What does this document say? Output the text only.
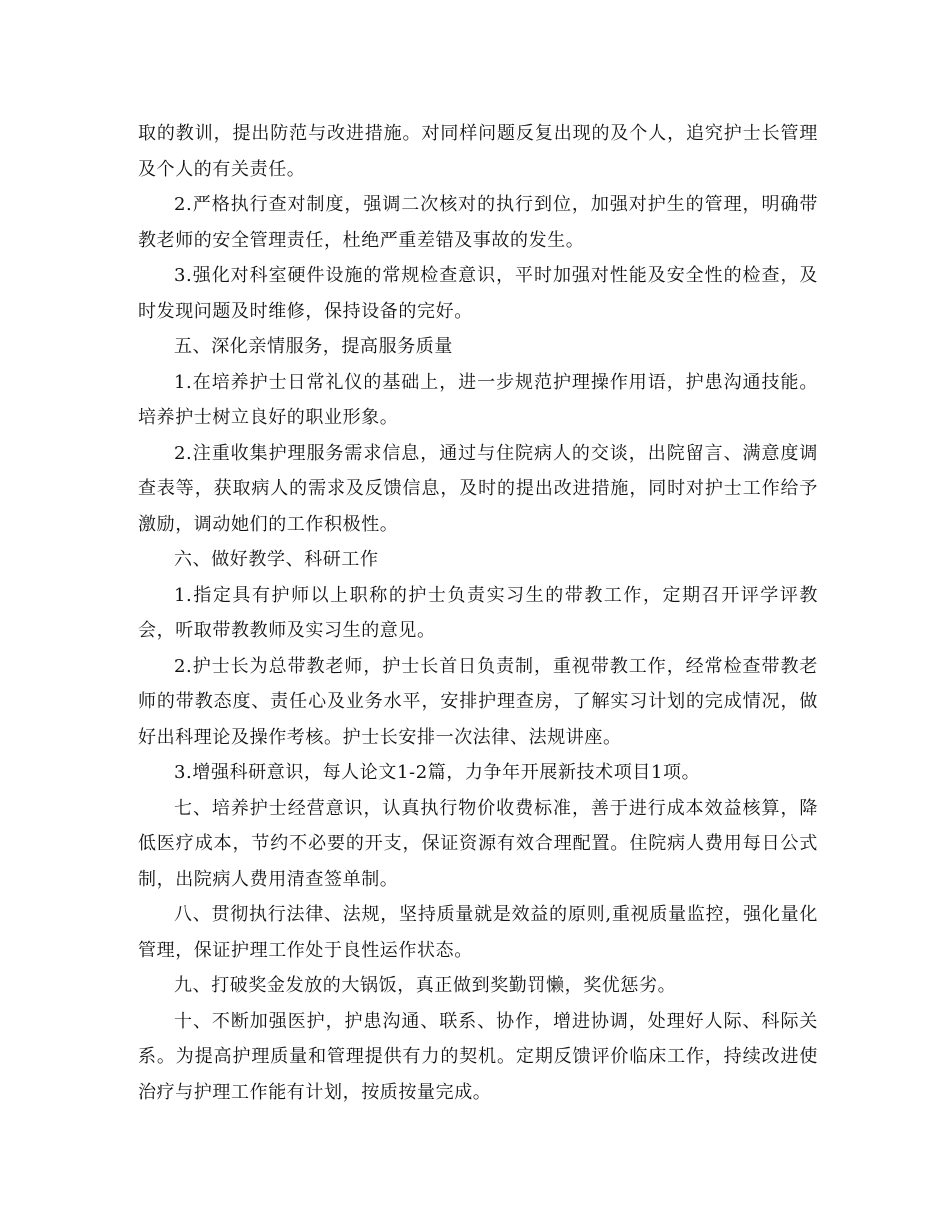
取的教训，提出防范与改进措施。对同样问题反复出现的及个人，追究护士长管理及个人的有关责任。

2.严格执行查对制度，强调二次核对的执行到位，加强对护生的管理，明确带教老师的安全管理责任，杜绝严重差错及事故的发生。

3.强化对科室硬件设施的常规检查意识，平时加强对性能及安全性的检查，及时发现问题及时维修，保持设备的完好。

五、深化亲情服务，提高服务质量

1.在培养护士日常礼仪的基础上，进一步规范护理操作用语，护患沟通技能。培养护士树立良好的职业形象。

2.注重收集护理服务需求信息，通过与住院病人的交谈，出院留言、满意度调查表等，获取病人的需求及反馈信息，及时的提出改进措施，同时对护士工作给予激励，调动她们的工作积极性。

六、做好教学、科研工作

1.指定具有护师以上职称的护士负责实习生的带教工作，定期召开评学评教会，听取带教教师及实习生的意见。

2.护士长为总带教老师，护士长首日负责制，重视带教工作，经常检查带教老师的带教态度、责任心及业务水平，安排护理查房，了解实习计划的完成情况，做好出科理论及操作考核。护士长安排一次法律、法规讲座。

3.增强科研意识，每人论文1-2篇，力争年开展新技术项目1项。

七、培养护士经营意识，认真执行物价收费标准，善于进行成本效益核算，降低医疗成本，节约不必要的开支，保证资源有效合理配置。住院病人费用每日公式制，出院病人费用清查签单制。

八、贯彻执行法律、法规，坚持质量就是效益的原则,重视质量监控，强化量化管理，保证护理工作处于良性运作状态。

九、打破奖金发放的大锅饭，真正做到奖勤罚懒，奖优惩劣。

十、不断加强医护，护患沟通、联系、协作，增进协调，处理好人际、科际关系。为提高护理质量和管理提供有力的契机。定期反馈评价临床工作，持续改进使治疗与护理工作能有计划，按质按量完成。
